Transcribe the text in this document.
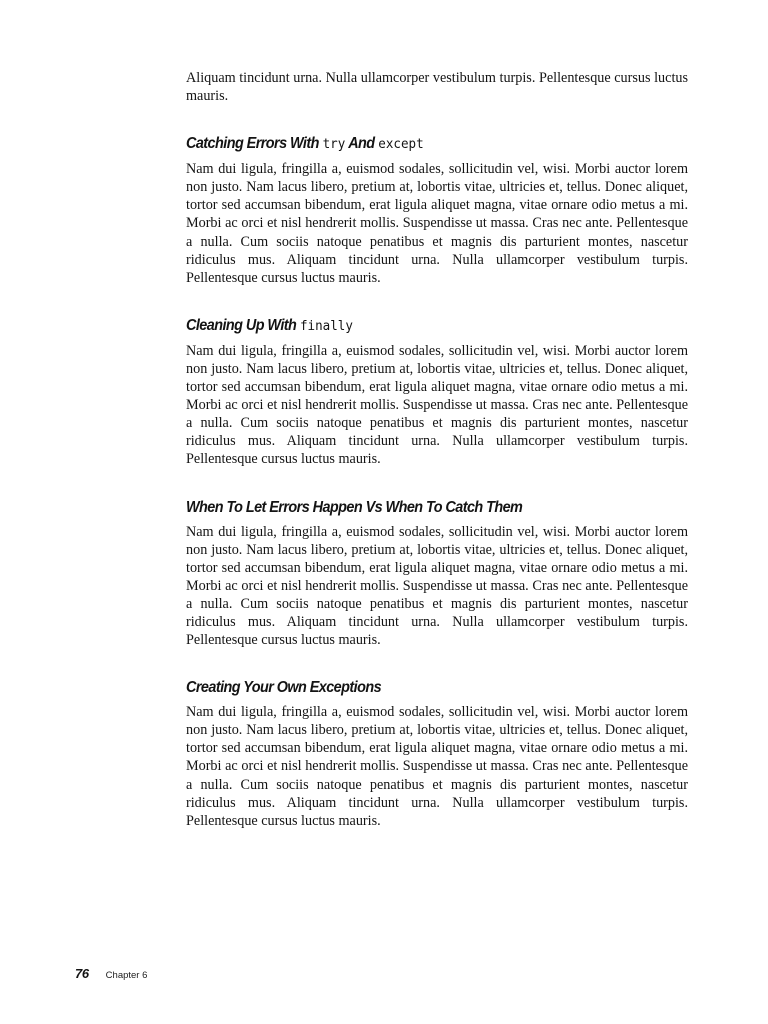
Aliquam tincidunt urna. Nulla ullamcorper vestibulum turpis. Pellentesque cursus luctus mauris.

Catching Errors With try And except

Nam dui ligula, fringilla a, euismod sodales, sollicitudin vel, wisi. Morbi auctor lorem non justo. Nam lacus libero, pretium at, lobortis vitae, ultricies et, tellus. Donec aliquet, tortor sed accumsan bibendum, erat ligula aliquet magna, vitae ornare odio metus a mi. Morbi ac orci et nisl hendrerit mollis. Suspendisse ut massa. Cras nec ante. Pellentesque a nulla. Cum sociis natoque penatibus et magnis dis parturient montes, nascetur ridiculus mus. Aliquam tincidunt urna. Nulla ullamcorper vestibulum turpis. Pellentesque cursus luctus mauris.

Cleaning Up With finally

Nam dui ligula, fringilla a, euismod sodales, sollicitudin vel, wisi. Morbi auctor lorem non justo. Nam lacus libero, pretium at, lobortis vitae, ultricies et, tellus. Donec aliquet, tortor sed accumsan bibendum, erat ligula aliquet magna, vitae ornare odio metus a mi. Morbi ac orci et nisl hendrerit mollis. Suspendisse ut massa. Cras nec ante. Pellentesque a nulla. Cum sociis natoque penatibus et magnis dis parturient montes, nascetur ridiculus mus. Aliquam tincidunt urna. Nulla ullamcorper vestibulum turpis. Pellentesque cursus luctus mauris.

When To Let Errors Happen Vs When To Catch Them

Nam dui ligula, fringilla a, euismod sodales, sollicitudin vel, wisi. Morbi auctor lorem non justo. Nam lacus libero, pretium at, lobortis vitae, ultricies et, tellus. Donec aliquet, tortor sed accumsan bibendum, erat ligula aliquet magna, vitae ornare odio metus a mi. Morbi ac orci et nisl hendrerit mollis. Suspendisse ut massa. Cras nec ante. Pellentesque a nulla. Cum sociis natoque penatibus et magnis dis parturient montes, nascetur ridiculus mus. Aliquam tincidunt urna. Nulla ullamcorper vestibulum turpis. Pellentesque cursus luctus mauris.

Creating Your Own Exceptions

Nam dui ligula, fringilla a, euismod sodales, sollicitudin vel, wisi. Morbi auctor lorem non justo. Nam lacus libero, pretium at, lobortis vitae, ultricies et, tellus. Donec aliquet, tortor sed accumsan bibendum, erat ligula aliquet magna, vitae ornare odio metus a mi. Morbi ac orci et nisl hendrerit mollis. Suspendisse ut massa. Cras nec ante. Pellentesque a nulla. Cum sociis natoque penatibus et magnis dis parturient montes, nascetur ridiculus mus. Aliquam tincidunt urna. Nulla ullamcorper vestibulum turpis. Pellentesque cursus luctus mauris.

76 Chapter 6
